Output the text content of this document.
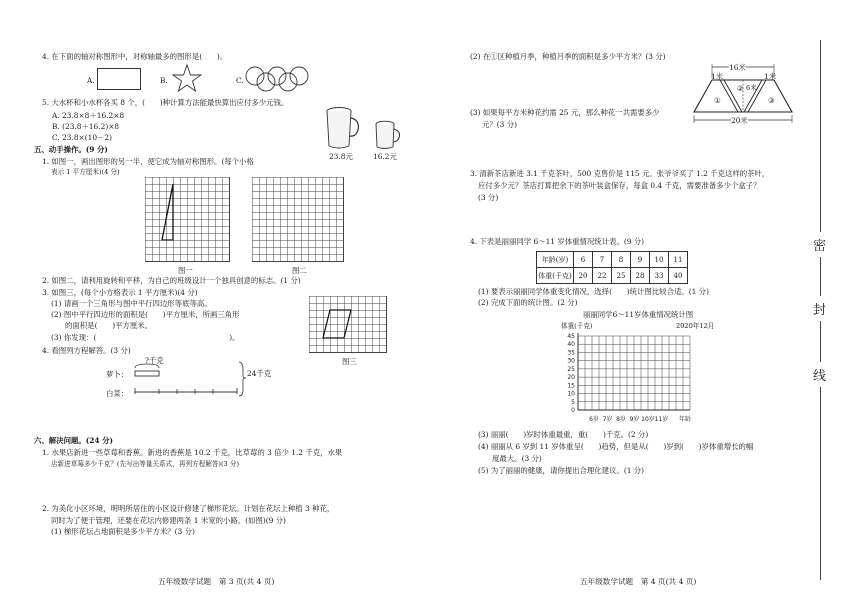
4. 在下面的轴对称图形中，对称轴最多的图形是(　　)。
A.	B.	C.
5. 大水杯和小水杯各买 8 个，(　　)种计算方法能最快算出应付多少元钱。
A. 23.8×8＋16.2×8
B. (23.8＋16.2)×8
C. 23.8×(10－2)
23.8元	16.2元
五、动手操作。(9 分)
1. 如图一，画出图形的另一半，使它成为轴对称图形。(每个小格
表示 1 平方厘米)(4 分)
图一	图二
2. 如图二，请利用旋转和平移，为自己的班级设计一个独具创意的标志。(1 分)
3. 如图三，(每个小方格表示 1 平方厘米)(4 分)
(1) 请画一个三角形与图中平行四边形等底等高。
(2) 图中平行四边形的面积是(　　)平方厘米，所画三角形
的面积是(　　)平方厘米。
(3) 你发现：(　　　　　　　　　　　　　　　　　　)。
图三
4. 看图列方程解答。(3 分)
?千克
萝卜：
白菜：
24千克
六、解决问题。(24 分)
1. 水果店新进一些草莓和香蕉。新进的香蕉是 10.2 千克，比草莓的 3 倍少 1.2 千克，水果
店新进草莓多少千克？(先写出等量关系式，再列方程解答)(3 分)
2. 为美化小区环境，明明所居住的小区设计修建了梯形花坛。计划在花坛上种植 3 种花，
同时为了便于管理，还要在花坛内修建两条 1 米宽的小路。(如图)(9 分)
(1) 梯形花坛占地面积是多少平方米？(3 分)
五年级数学试题　第 3 页(共 4 页)
(2) 在①区种植月季，种植月季的面积是多少平方米？(3 分)
(3) 如果每平方米种花约需 25 元，那么种花一共需要多少
元？(3 分)
16米
1米	1米
6米
①
②
③
20米
3. 清新茶店新进 3.1 千克茶叶，500 克售价是 115 元。张爷爷买了 1.2 千克这样的茶叶，
应付多少元？茶店打算把余下的茶叶装盒保存，每盒 0.4 千克，需要准备多少个盒子？
(3 分)
4. 下表是丽丽同学 6～11 岁体重情况统计表。(9 分)
年龄(岁)	6	7	8	9	10	11
体重(千克)	20	22	25	28	33	40
(1) 要表示丽丽同学体重变化情况，选择(　　)统计图比较合适。(1 分)
(2) 完成下面的统计图。(2 分)
丽丽同学6～11岁体重情况统计图
体重(千克)	2020年12月
5
10
15
20
25
30
35
40
45
0
6岁 7岁 8岁 9岁 10岁 11岁 年龄
(3) 丽丽(　　)岁时体重最重，重(　　)千克。(2 分)
(4) 丽丽从 6 岁到 11 岁体重呈(　　)趋势，但是从(　　)岁到(　　)岁体重增长的幅
度最大。(3 分)
(5) 为了丽丽的健康，请你提出合理化建议。(1 分)
五年级数学试题　第 4 页(共 4 页)
密
封
线
